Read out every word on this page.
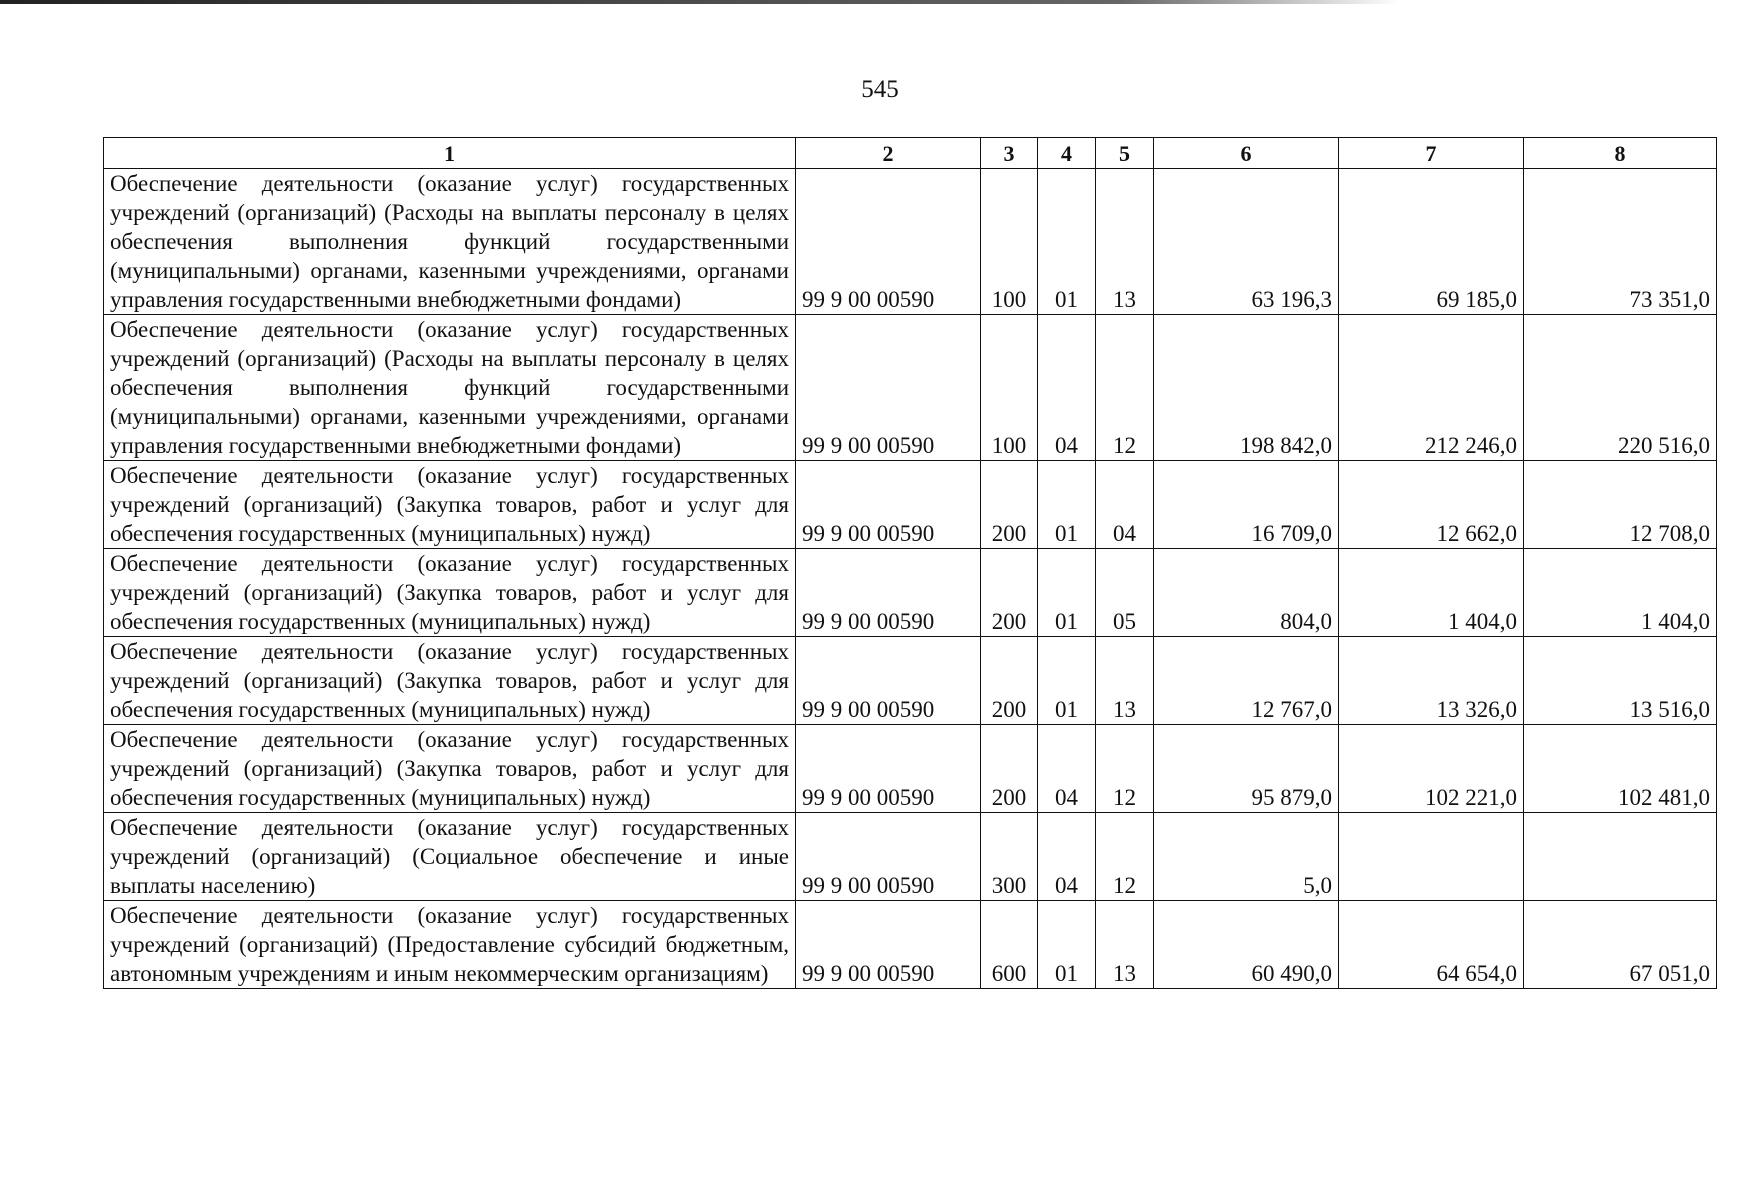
545
1	2	3	4	5	6	7	8
Обеспечение деятельности (оказание услуг) государственных учреждений (организаций) (Расходы на выплаты персоналу в целях обеспечения выполнения функций государственными (муниципальными) органами, казенными учреждениями, органами управления государственными внебюджетными фондами)	99 9 00 00590	100	01	13	63 196,3	69 185,0	73 351,0
Обеспечение деятельности (оказание услуг) государственных учреждений (организаций) (Расходы на выплаты персоналу в целях обеспечения выполнения функций государственными (муниципальными) органами, казенными учреждениями, органами управления государственными внебюджетными фондами)	99 9 00 00590	100	04	12	198 842,0	212 246,0	220 516,0
Обеспечение деятельности (оказание услуг) государственных учреждений (организаций) (Закупка товаров, работ и услуг для обеспечения государственных (муниципальных) нужд)	99 9 00 00590	200	01	04	16 709,0	12 662,0	12 708,0
Обеспечение деятельности (оказание услуг) государственных учреждений (организаций) (Закупка товаров, работ и услуг для обеспечения государственных (муниципальных) нужд)	99 9 00 00590	200	01	05	804,0	1 404,0	1 404,0
Обеспечение деятельности (оказание услуг) государственных учреждений (организаций) (Закупка товаров, работ и услуг для обеспечения государственных (муниципальных) нужд)	99 9 00 00590	200	01	13	12 767,0	13 326,0	13 516,0
Обеспечение деятельности (оказание услуг) государственных учреждений (организаций) (Закупка товаров, работ и услуг для обеспечения государственных (муниципальных) нужд)	99 9 00 00590	200	04	12	95 879,0	102 221,0	102 481,0
Обеспечение деятельности (оказание услуг) государственных учреждений (организаций) (Социальное обеспечение и иные выплаты населению)	99 9 00 00590	300	04	12	5,0		
Обеспечение деятельности (оказание услуг) государственных учреждений (организаций) (Предоставление субсидий бюджетным, автономным учреждениям и иным некоммерческим организациям)	99 9 00 00590	600	01	13	60 490,0	64 654,0	67 051,0
